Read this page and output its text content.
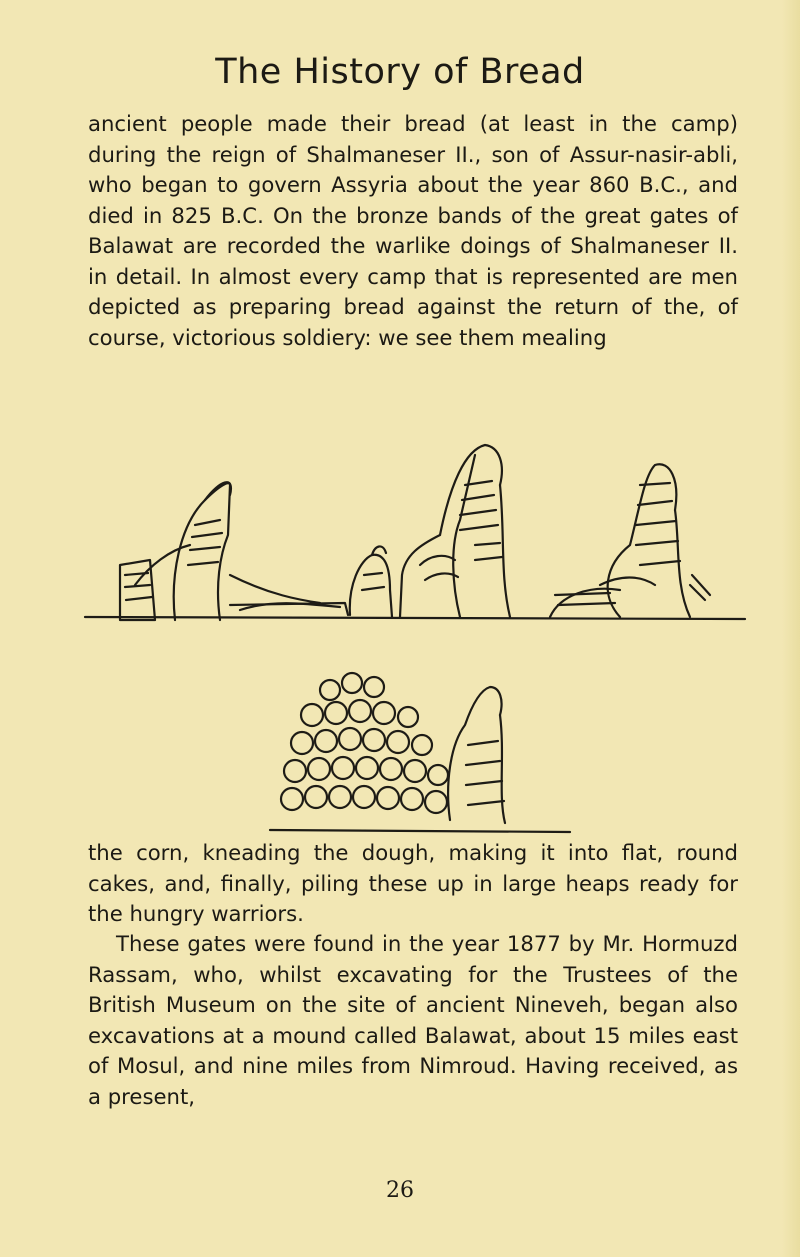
The History of Bread

ancient people made their bread (at least in the camp) during the reign of Shalmaneser II., son of Assur-nasir-abli, who began to govern Assyria about the year 860 B.C., and died in 825 B.C. On the bronze bands of the great gates of Balawat are recorded the warlike doings of Shalmaneser II. in detail. In almost every camp that is represented are men depicted as preparing bread against the return of the, of course, victorious soldiery: we see them mealing

the corn, kneading the dough, making it into flat, round cakes, and, finally, piling these up in large heaps ready for the hungry warriors.

These gates were found in the year 1877 by Mr. Hormuzd Rassam, who, whilst excavating for the Trustees of the British Museum on the site of ancient Nineveh, began also excavations at a mound called Balawat, about 15 miles east of Mosul, and nine miles from Nimroud. Having received, as a present,

26
